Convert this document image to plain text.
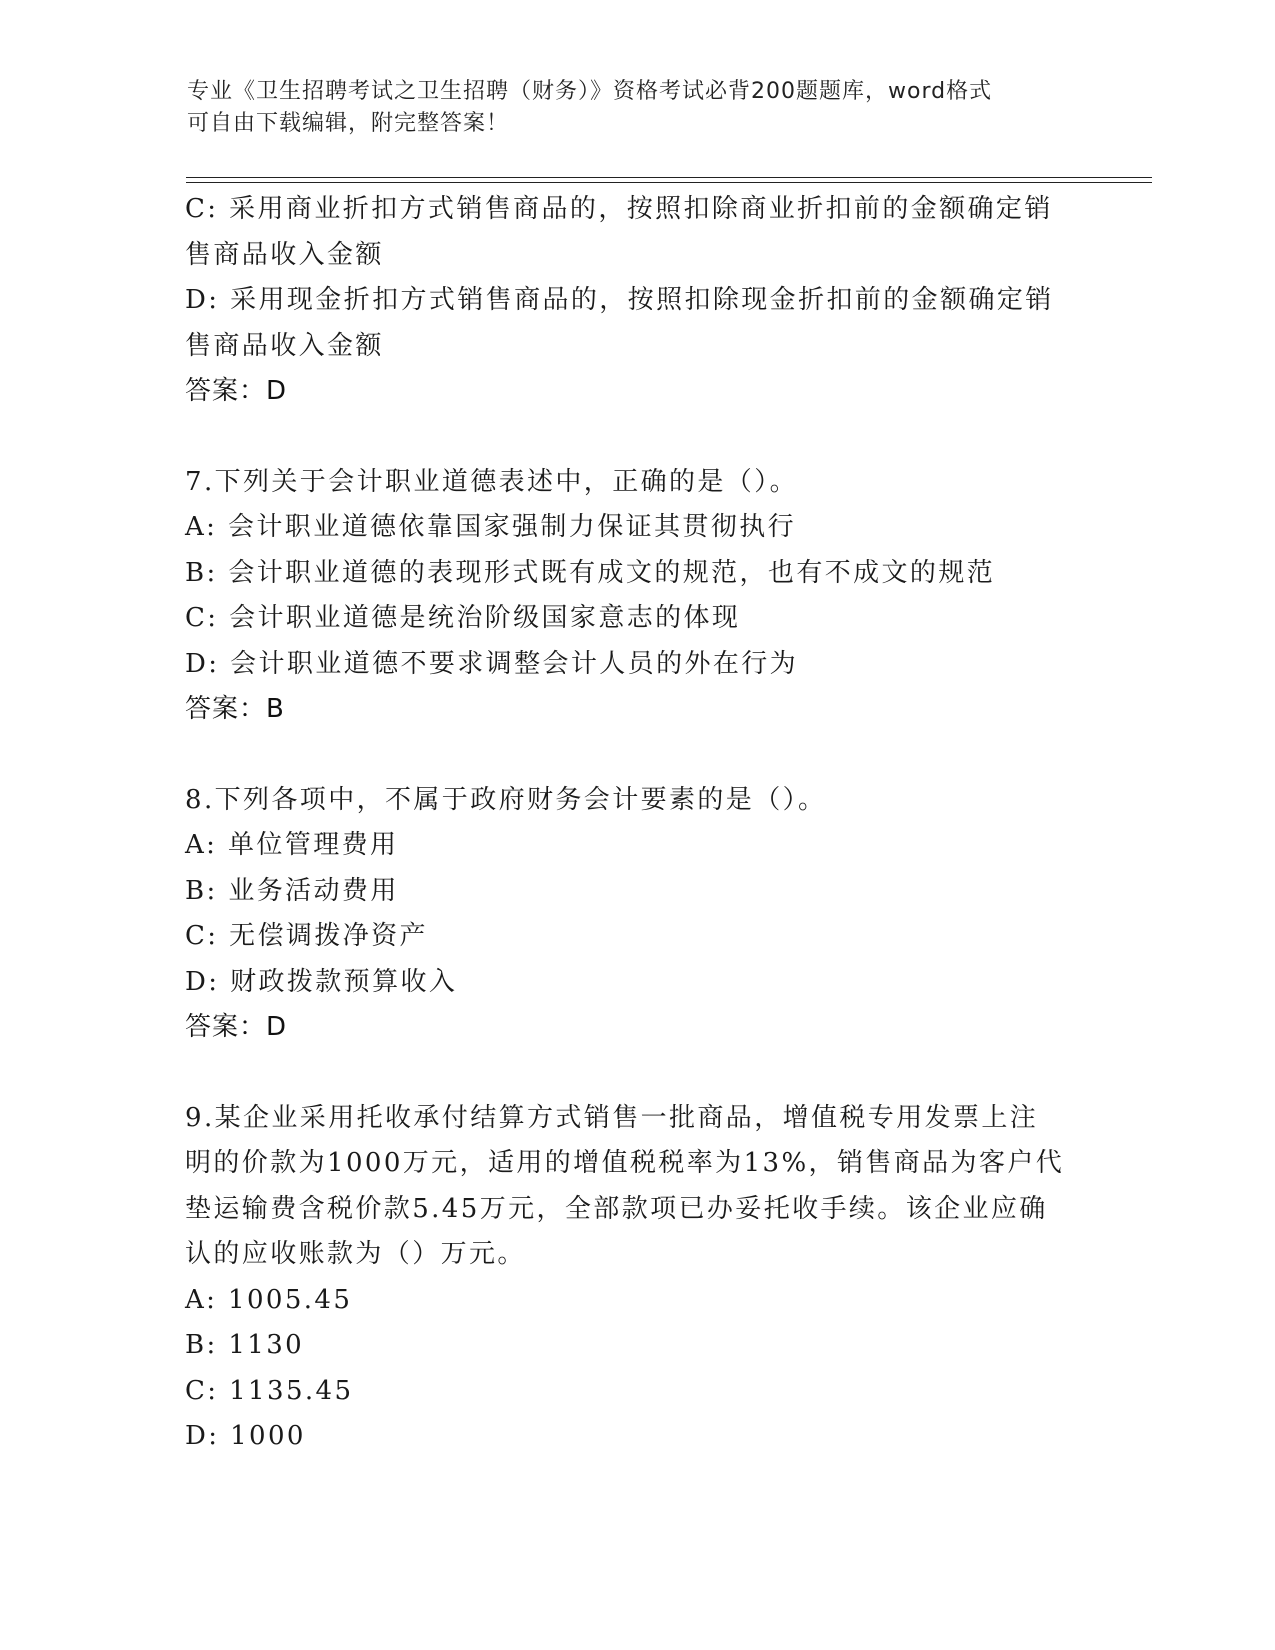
专业《卫生招聘考试之卫生招聘（财务）》资格考试必背200题题库，word格式
可自由下载编辑，附完整答案！
C: 采用商业折扣方式销售商品的，按照扣除商业折扣前的金额确定销
售商品收入金额
D: 采用现金折扣方式销售商品的，按照扣除现金折扣前的金额确定销
售商品收入金额
答案：D
7.下列关于会计职业道德表述中，正确的是（）。
A: 会计职业道德依靠国家强制力保证其贯彻执行
B: 会计职业道德的表现形式既有成文的规范，也有不成文的规范
C: 会计职业道德是统治阶级国家意志的体现
D: 会计职业道德不要求调整会计人员的外在行为
答案：B
8.下列各项中，不属于政府财务会计要素的是（）。
A: 单位管理费用
B: 业务活动费用
C: 无偿调拨净资产
D: 财政拨款预算收入
答案：D
9.某企业采用托收承付结算方式销售一批商品，增值税专用发票上注
明的价款为1000万元，适用的增值税税率为13%，销售商品为客户代
垫运输费含税价款5.45万元，全部款项已办妥托收手续。该企业应确
认的应收账款为（）万元。
A: 1005.45
B: 1130
C: 1135.45
D: 1000
